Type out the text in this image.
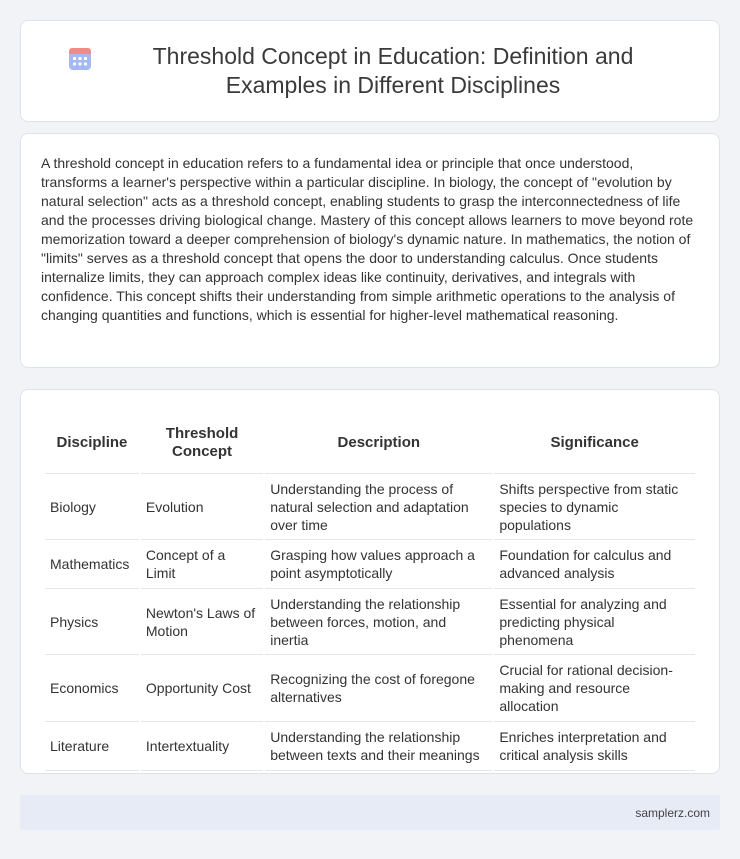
Threshold Concept in Education: Definition and Examples in Different Disciplines

A threshold concept in education refers to a fundamental idea or principle that once understood, transforms a learner's perspective within a particular discipline. In biology, the concept of "evolution by natural selection" acts as a threshold concept, enabling students to grasp the interconnectedness of life and the processes driving biological change. Mastery of this concept allows learners to move beyond rote memorization toward a deeper comprehension of biology's dynamic nature. In mathematics, the notion of "limits" serves as a threshold concept that opens the door to understanding calculus. Once students internalize limits, they can approach complex ideas like continuity, derivatives, and integrals with confidence. This concept shifts their understanding from simple arithmetic operations to the analysis of changing quantities and functions, which is essential for higher-level mathematical reasoning.

Discipline	Threshold Concept	Description	Significance
Biology	Evolution	Understanding the process of natural selection and adaptation over time	Shifts perspective from static species to dynamic populations
Mathematics	Concept of a Limit	Grasping how values approach a point asymptotically	Foundation for calculus and advanced analysis
Physics	Newton's Laws of Motion	Understanding the relationship between forces, motion, and inertia	Essential for analyzing and predicting physical phenomena
Economics	Opportunity Cost	Recognizing the cost of foregone alternatives	Crucial for rational decision-making and resource allocation
Literature	Intertextuality	Understanding the relationship between texts and their meanings	Enriches interpretation and critical analysis skills
samplerz.com
